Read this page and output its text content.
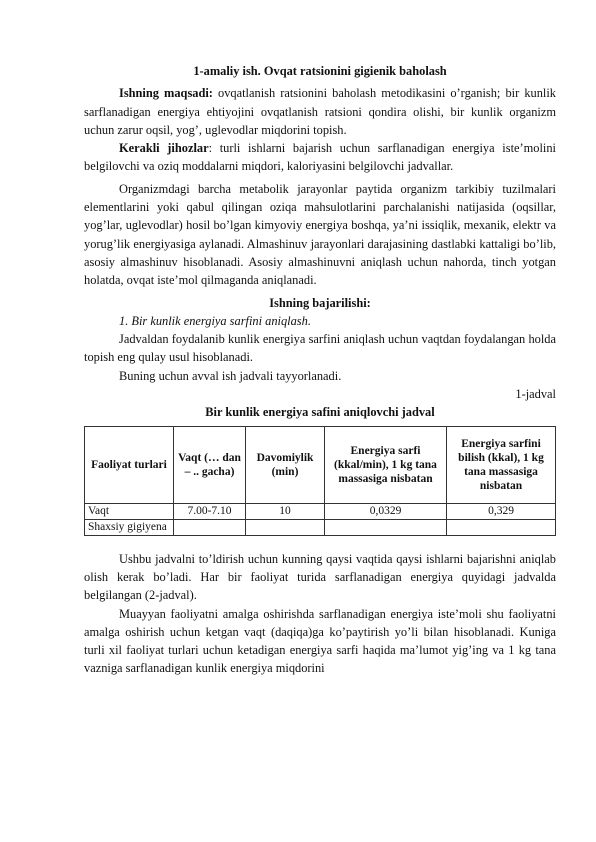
1-amaliy ish. Ovqat ratsionini gigienik baholash

Ishning maqsadi: ovqatlanish ratsionini baholash metodikasini o’rganish; bir kunlik sarflanadigan energiya ehtiyojini ovqatlanish ratsioni qondira olishi, bir kunlik organizm uchun zarur oqsil, yog’, uglevodlar miqdorini topish.

Kerakli jihozlar: turli ishlarni bajarish uchun sarflanadigan energiya iste’molini belgilovchi va oziq moddalarni miqdori, kaloriyasini belgilovchi jadvallar.

Organizmdagi barcha metabolik jarayonlar paytida organizm tarkibiy tuzilmalari elementlarini yoki qabul qilingan oziqa mahsulotlarini parchalanishi natijasida (oqsillar, yog’lar, uglevodlar) hosil bo’lgan kimyoviy energiya boshqa, ya’ni issiqlik, mexanik, elektr va yorug’lik energiyasiga aylanadi. Almashinuv jarayonlari darajasining dastlabki kattaligi bo’lib, asosiy almashinuv hisoblanadi. Asosiy almashinuvni aniqlash uchun nahorda, tinch yotgan holatda, ovqat iste’mol qilmaganda aniqlanadi.

Ishning bajarilishi:

1. Bir kunlik energiya sarfini aniqlash.

Jadvaldan foydalanib kunlik energiya sarfini aniqlash uchun vaqtdan foydalangan holda topish eng qulay usul hisoblanadi.

Buning uchun avval ish jadvali tayyorlanadi.

1-jadval
Bir kunlik energiya safini aniqlovchi jadval
Faoliyat turlari	Vaqt (… dan – .. gacha)	Davomiylik (min)	Energiya sarfi (kkal/min), 1 kg tana massasiga nisbatan	Energiya sarfini bilish (kkal), 1 kg tana massasiga nisbatan
Vaqt	7.00-7.10	10	0,0329	0,329
Shaxsiy gigiyena				

Ushbu jadvalni to’ldirish uchun kunning qaysi vaqtida qaysi ishlarni bajarishni aniqlab olish kerak bo’ladi. Har bir faoliyat turida sarflanadigan energiya quyidagi jadvalda belgilangan (2-jadval).

Muayyan faoliyatni amalga oshirishda sarflanadigan energiya iste’moli shu faoliyatni amalga oshirish uchun ketgan vaqt (daqiqa)ga ko’paytirish yo’li bilan hisoblanadi. Kuniga turli xil faoliyat turlari uchun ketadigan energiya sarfi haqida ma’lumot yig’ing va 1 kg tana vazniga sarflanadigan kunlik energiya miqdorini
